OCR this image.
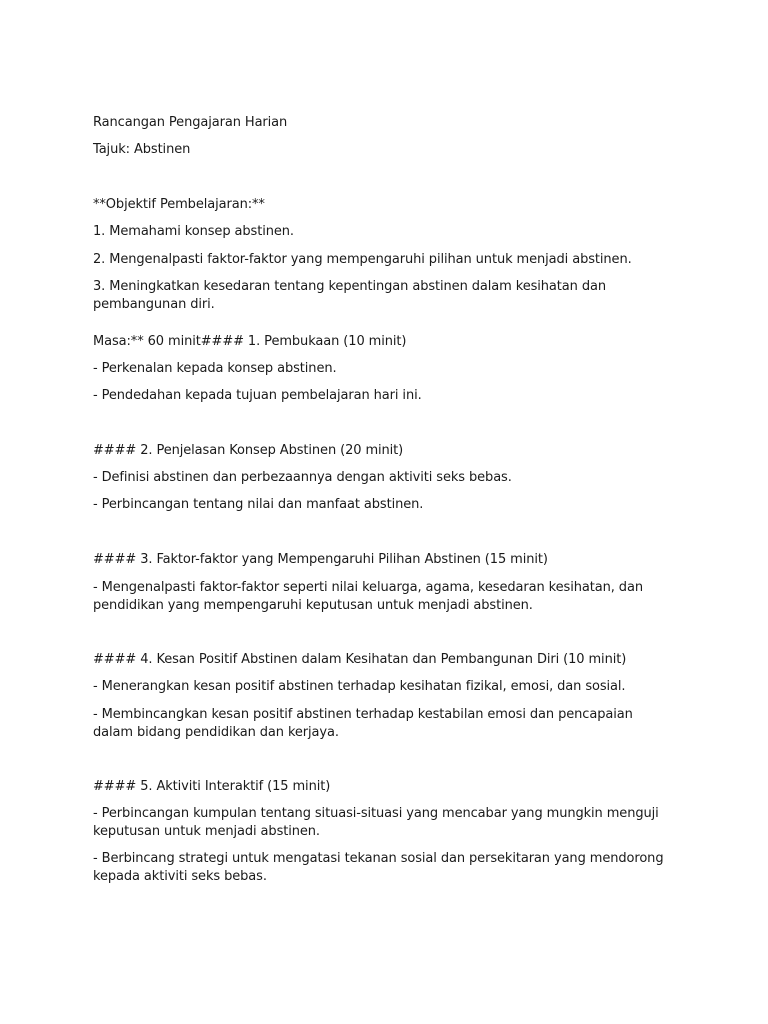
Rancangan Pengajaran Harian
Tajuk: Abstinen
**Objektif Pembelajaran:**
1. Memahami konsep abstinen.
2. Mengenalpasti faktor-faktor yang mempengaruhi pilihan untuk menjadi abstinen.
3. Meningkatkan kesedaran tentang kepentingan abstinen dalam kesihatan dan pembangunan diri.
Masa:** 60 minit#### 1. Pembukaan (10 minit)
- Perkenalan kepada konsep abstinen.
- Pendedahan kepada tujuan pembelajaran hari ini.
#### 2. Penjelasan Konsep Abstinen (20 minit)
- Definisi abstinen dan perbezaannya dengan aktiviti seks bebas.
- Perbincangan tentang nilai dan manfaat abstinen.
#### 3. Faktor-faktor yang Mempengaruhi Pilihan Abstinen (15 minit)
- Mengenalpasti faktor-faktor seperti nilai keluarga, agama, kesedaran kesihatan, dan pendidikan yang mempengaruhi keputusan untuk menjadi abstinen.
#### 4. Kesan Positif Abstinen dalam Kesihatan dan Pembangunan Diri (10 minit)
- Menerangkan kesan positif abstinen terhadap kesihatan fizikal, emosi, dan sosial.
- Membincangkan kesan positif abstinen terhadap kestabilan emosi dan pencapaian dalam bidang pendidikan dan kerjaya.
#### 5. Aktiviti Interaktif (15 minit)
- Perbincangan kumpulan tentang situasi-situasi yang mencabar yang mungkin menguji keputusan untuk menjadi abstinen.
- Berbincang strategi untuk mengatasi tekanan sosial dan persekitaran yang mendorong kepada aktiviti seks bebas.
